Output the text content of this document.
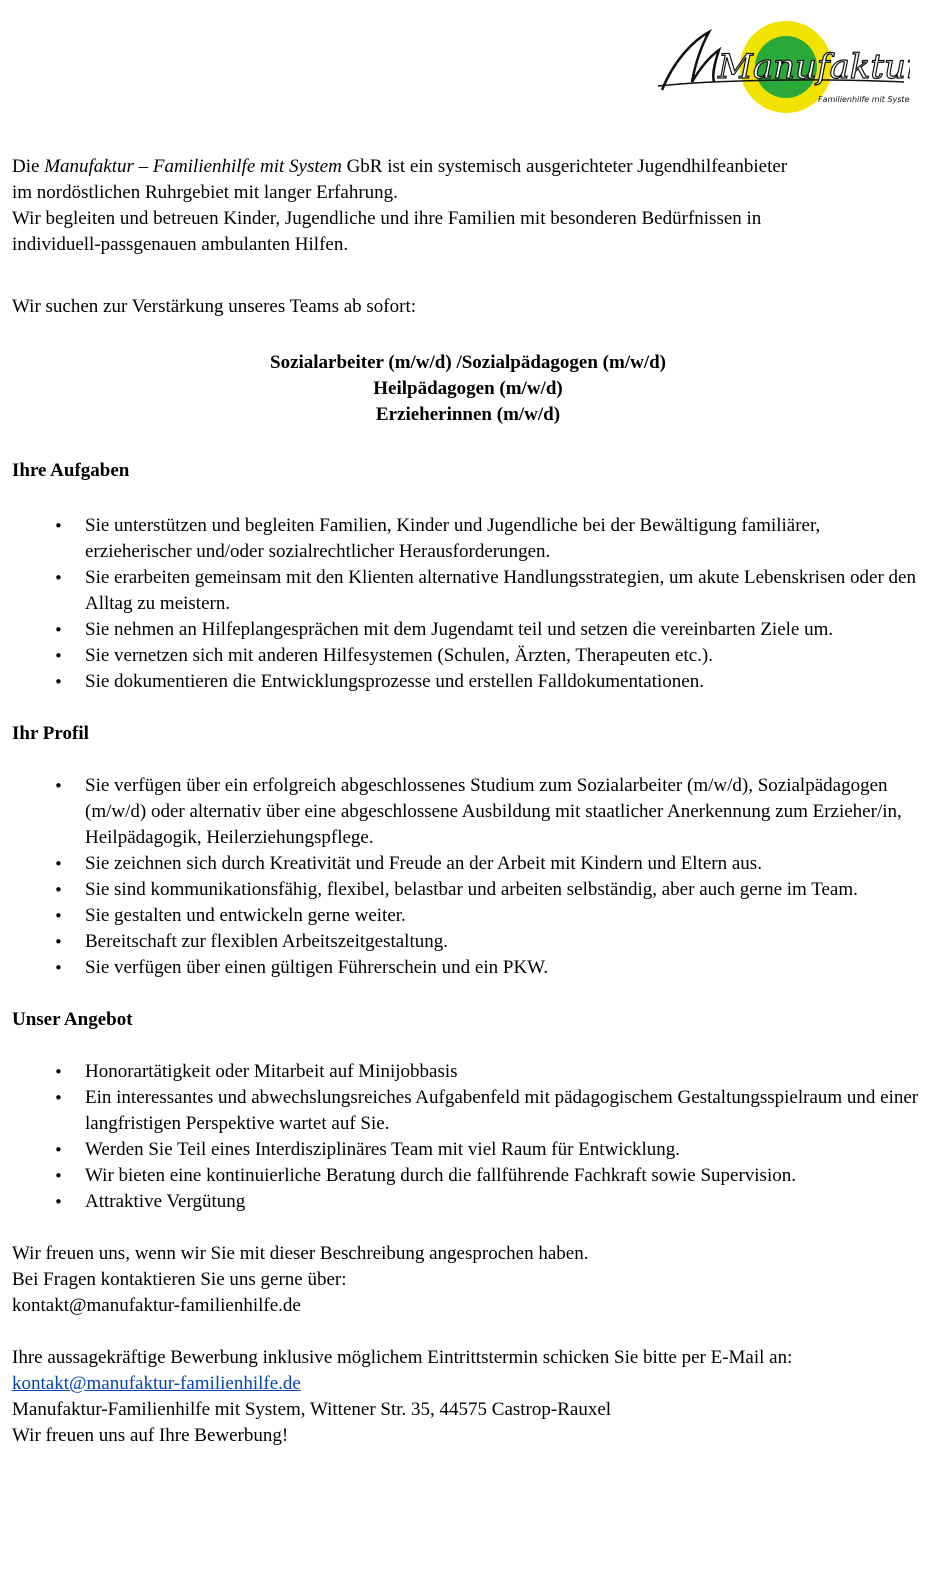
Manufaktur
Familienhilfe mit System

Die Manufaktur – Familienhilfe mit System GbR ist ein systemisch ausgerichteter Jugendhilfeanbieter

im nordöstlichen Ruhrgebiet mit langer Erfahrung.

Wir begleiten und betreuen Kinder, Jugendliche und ihre Familien mit besonderen Bedürfnissen in

individuell-passgenauen ambulanten Hilfen.

Wir suchen zur Verstärkung unseres Teams ab sofort:

Sozialarbeiter (m/w/d) /Sozialpädagogen (m/w/d)

Heilpädagogen (m/w/d)

Erzieherinnen (m/w/d)

Ihre Aufgaben
• Sie unterstützen und begleiten Familien, Kinder und Jugendliche bei der Bewältigung familiärer, erzieherischer und/oder sozialrechtlicher Herausforderungen.
• Sie erarbeiten gemeinsam mit den Klienten alternative Handlungsstrategien, um akute Lebenskrisen oder den Alltag zu meistern.
• Sie nehmen an Hilfeplangesprächen mit dem Jugendamt teil und setzen die vereinbarten Ziele um.
• Sie vernetzen sich mit anderen Hilfesystemen (Schulen, Ärzten, Therapeuten etc.).
• Sie dokumentieren die Entwicklungsprozesse und erstellen Falldokumentationen.
Ihr Profil
• Sie verfügen über ein erfolgreich abgeschlossenes Studium zum Sozialarbeiter (m/w/d), Sozialpädagogen (m/w/d) oder alternativ über eine abgeschlossene Ausbildung mit staatlicher Anerkennung zum Erzieher/in, Heilpädagogik, Heilerziehungspflege.
• Sie zeichnen sich durch Kreativität und Freude an der Arbeit mit Kindern und Eltern aus.
• Sie sind kommunikationsfähig, flexibel, belastbar und arbeiten selbständig, aber auch gerne im Team.
• Sie gestalten und entwickeln gerne weiter.
• Bereitschaft zur flexiblen Arbeitszeitgestaltung.
• Sie verfügen über einen gültigen Führerschein und ein PKW.
Unser Angebot
• Honorartätigkeit oder Mitarbeit auf Minijobbasis
• Ein interessantes und abwechslungsreiches Aufgabenfeld mit pädagogischem Gestaltungsspielraum und einer langfristigen Perspektive wartet auf Sie.
• Werden Sie Teil eines Interdisziplinäres Team mit viel Raum für Entwicklung.
• Wir bieten eine kontinuierliche Beratung durch die fallführende Fachkraft sowie Supervision.
• Attraktive Vergütung

Wir freuen uns, wenn wir Sie mit dieser Beschreibung angesprochen haben.

Bei Fragen kontaktieren Sie uns gerne über:

kontakt@manufaktur-familienhilfe.de

Ihre aussagekräftige Bewerbung inklusive möglichem Eintrittstermin schicken Sie bitte per E-Mail an:

kontakt@manufaktur-familienhilfe.de

Manufaktur-Familienhilfe mit System, Wittener Str. 35, 44575 Castrop-Rauxel

Wir freuen uns auf Ihre Bewerbung!
